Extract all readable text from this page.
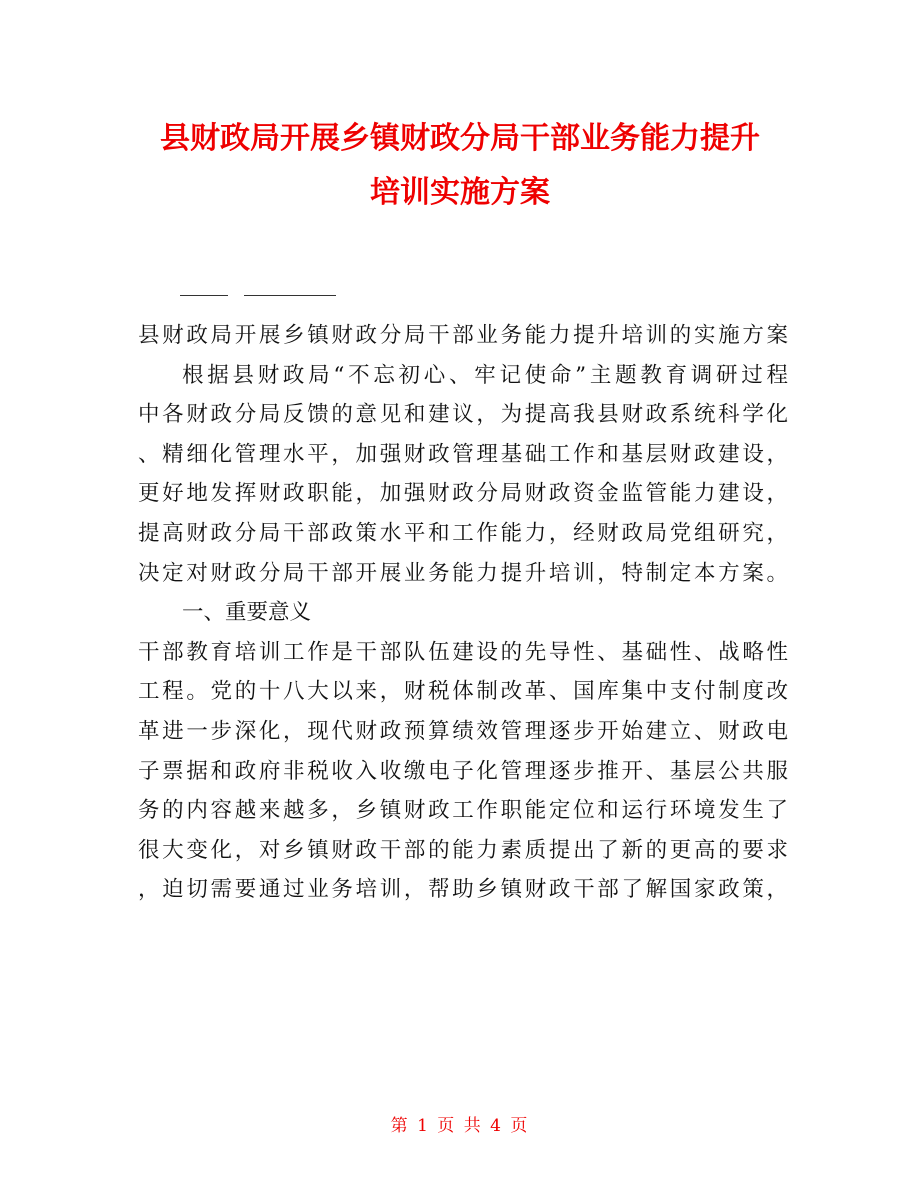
县财政局开展乡镇财政分局干部业务能力提升
培训实施方案
县财政局开展乡镇财政分局干部业务能力提升培训的实施方案
根据县财政局“不忘初心、牢记使命”主题教育调研过程
中各财政分局反馈的意见和建议，为提高我县财政系统科学化
、精细化管理水平，加强财政管理基础工作和基层财政建设，
更好地发挥财政职能，加强财政分局财政资金监管能力建设，
提高财政分局干部政策水平和工作能力，经财政局党组研究，
决定对财政分局干部开展业务能力提升培训，特制定本方案。
一、重要意义
干部教育培训工作是干部队伍建设的先导性、基础性、战略性
工程。党的十八大以来，财税体制改革、国库集中支付制度改
革进一步深化，现代财政预算绩效管理逐步开始建立、财政电
子票据和政府非税收入收缴电子化管理逐步推开、基层公共服
务的内容越来越多，乡镇财政工作职能定位和运行环境发生了
很大变化，对乡镇财政干部的能力素质提出了新的更高的要求
，迫切需要通过业务培训，帮助乡镇财政干部了解国家政策，
第 1 页 共 4 页
